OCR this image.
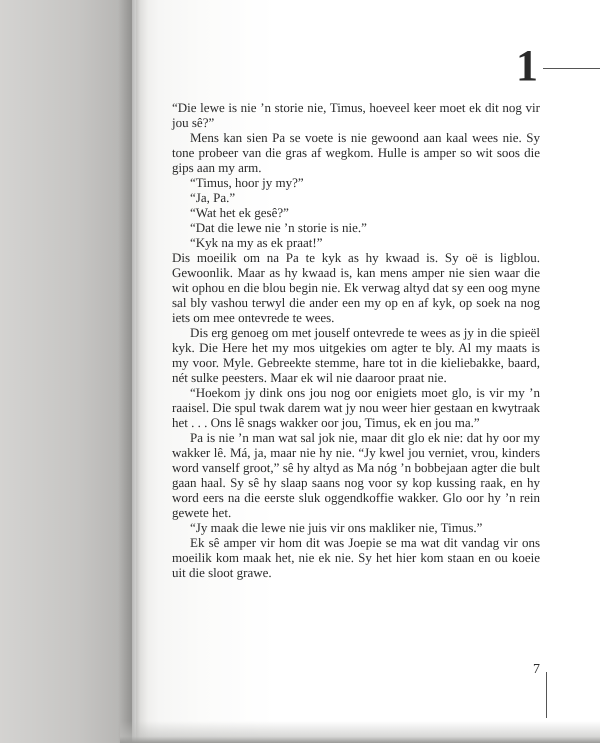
1

“Die lewe is nie ’n storie nie, Timus, hoeveel keer moet ek dit nog vir jou sê?”

Mens kan sien Pa se voete is nie gewoond aan kaal wees nie. Sy tone probeer van die gras af wegkom. Hulle is amper so wit soos die gips aan my arm.

“Timus, hoor jy my?”

“Ja, Pa.”

“Wat het ek gesê?”

“Dat die lewe nie ’n storie is nie.”

“Kyk na my as ek praat!”

Dis moeilik om na Pa te kyk as hy kwaad is. Sy oë is ligblou. Gewoonlik. Maar as hy kwaad is, kan mens amper nie sien waar die wit ophou en die blou begin nie. Ek verwag altyd dat sy een oog myne sal bly vashou terwyl die ander een my op en af kyk, op soek na nog iets om mee ontevrede te wees.

Dis erg genoeg om met jouself ontevrede te wees as jy in die spieël kyk. Die Here het my mos uitgekies om agter te bly. Al my maats is my voor. Myle. Gebreekte stemme, hare tot in die kieliebakke, baard, nét sulke peesters. Maar ek wil nie daaroor praat nie.

“Hoekom jy dink ons jou nog oor enigiets moet glo, is vir my ’n raaisel. Die spul twak darem wat jy nou weer hier gestaan en kwytraak het . . . Ons lê snags wakker oor jou, Timus, ek en jou ma.”

Pa is nie ’n man wat sal jok nie, maar dit glo ek nie: dat hy oor my wakker lê. Má, ja, maar nie hy nie. “Jy kwel jou verniet, vrou, kinders word vanself groot,” sê hy altyd as Ma nóg ’n bobbejaan agter die bult gaan haal. Sy sê hy slaap saans nog voor sy kop kussing raak, en hy word eers na die eerste sluk oggendkoffie wakker. Glo oor hy ’n rein gewete het.

“Jy maak die lewe nie juis vir ons makliker nie, Timus.”

Ek sê amper vir hom dit was Joepie se ma wat dit vandag vir ons moeilik kom maak het, nie ek nie. Sy het hier kom staan en ou koeie uit die sloot grawe.

7
